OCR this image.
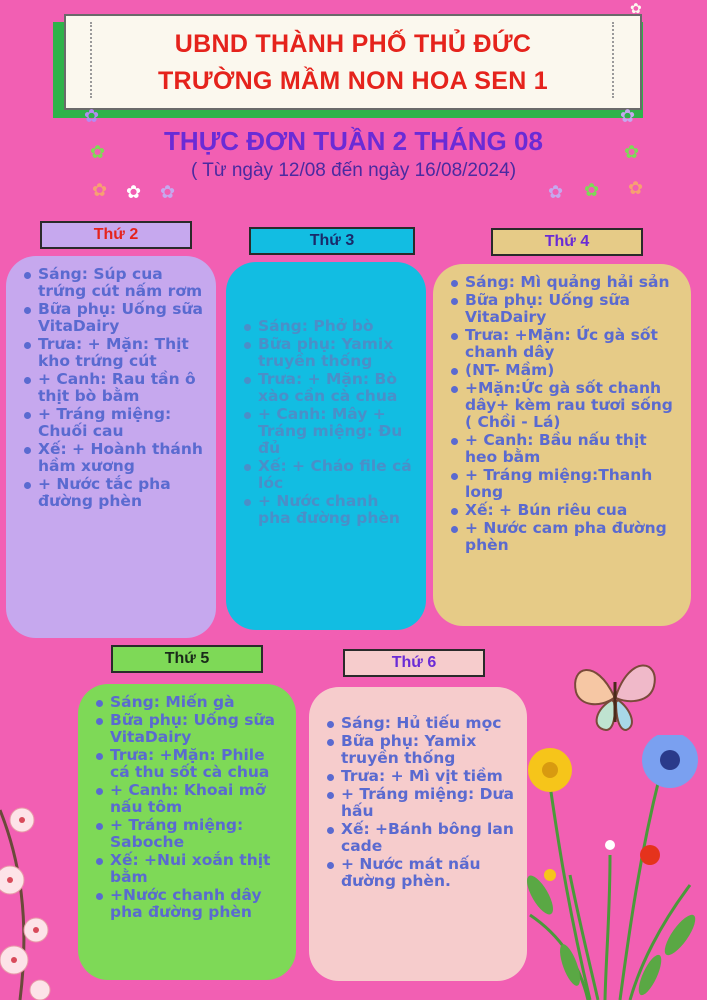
UBND THÀNH PHỐ THỦ ĐỨC
TRƯỜNG MẦM NON HOA SEN 1
✿
✿
✿ ✿ ✿
✿
✿
✿
✿
✿
✿
THỰC ĐƠN TUẦN 2 THÁNG 08
( Từ ngày 12/08 đến ngày 16/08/2024)
Thứ 2
Sáng: Súp cua trứng cút nấm rơm
Bữa phụ: Uống sữa VitaDairy
Trưa: + Mặn: Thịt kho trứng cút
+ Canh: Rau tần ô thịt bò bằm
+ Tráng miệng: Chuối cau
Xế: + Hoành thánh hầm xương
+ Nước tắc pha đường phèn
Thứ 3
Sáng: Phở bò
Bữa phụ: Yamix truyền thống
Trưa: + Mặn: Bò xào cần cà chua
+ Canh: Mây + Tráng miệng: Đu đủ
Xế: + Cháo file cá lóc
+ Nước chanh pha đường phèn
Thứ 4
Sáng: Mì quảng hải sản
Bữa phụ: Uống sữa VitaDairy
Trưa: +Mặn: Ức gà sốt chanh dây
(NT- Mầm)
+Mặn:Ức gà sốt chanh dây+ kèm rau tươi sống ( Chồi - Lá)
+ Canh: Bầu nấu thịt heo bằm
+ Tráng miệng:Thanh long
Xế: + Bún riêu cua
+ Nước cam pha đường phèn
Thứ 5
Sáng: Miến gà
Bữa phụ: Uống sữa VitaDairy
Trưa: +Mặn: Phile cá thu sốt cà chua
+ Canh: Khoai mỡ nấu tôm
+ Tráng miệng: Saboche
Xế: +Nui xoắn thịt bằm
+Nước chanh dây pha đường phèn
Thứ 6
Sáng: Hủ tiếu mọc
Bữa phụ: Yamix truyền thống
Trưa: + Mì vịt tiềm
+ Tráng miệng: Dưa hấu
Xế: +Bánh bông lan cade
+ Nước mát nấu đường phèn.
